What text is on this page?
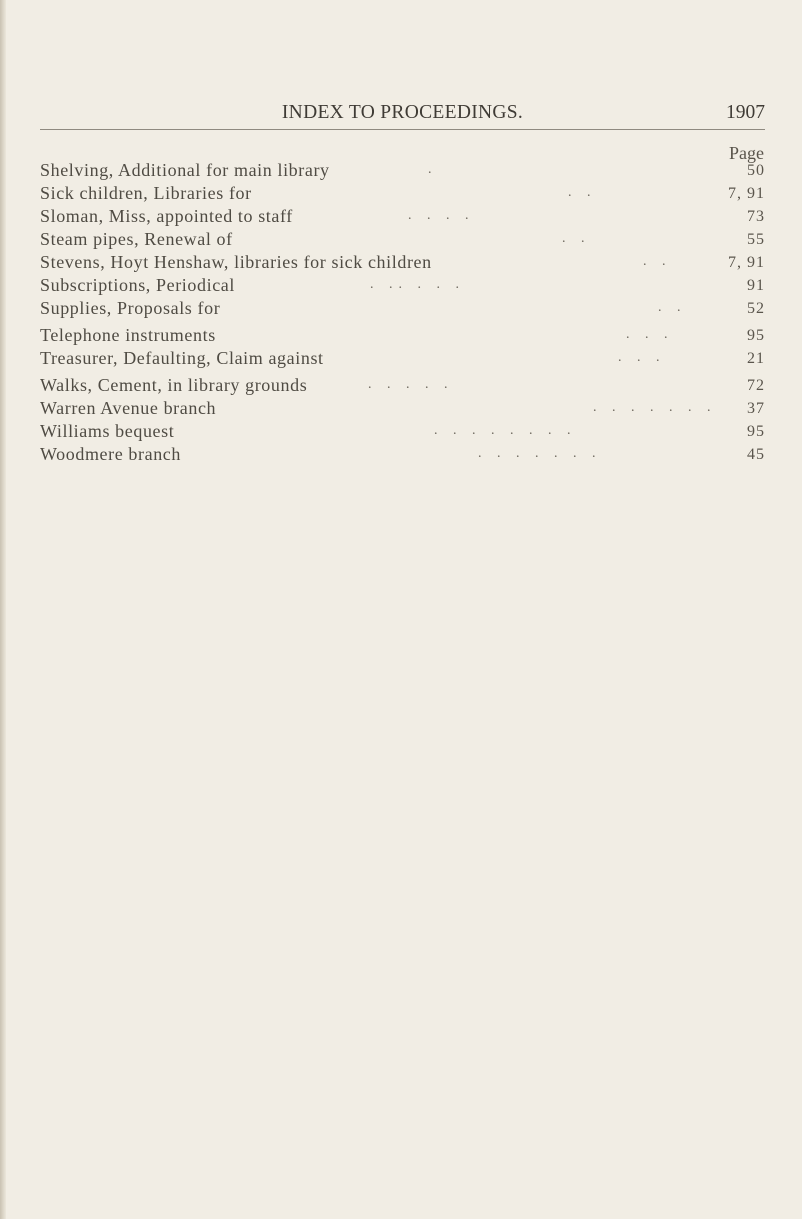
INDEX TO PROCEEDINGS.	1907
Page
Shelving, Additional for main library	.	50
Sick children, Libraries for	. .	7, 91
Sloman, Miss, appointed to staff	. . . .	73
Steam pipes, Renewal of	. .	55
Stevens, Hoyt Henshaw, libraries for sick children	. .	7, 91
Subscriptions, Periodical	. .. . . .	91
Supplies, Proposals for	. .	52
Telephone instruments	. . .	95
Treasurer, Defaulting, Claim against	. . .	21
Walks, Cement, in library grounds	. . . . .	72
Warren Avenue branch	. . . . . . . 37
Williams bequest	. . . . . . . .	95
Woodmere branch	. . . . . . .	45
